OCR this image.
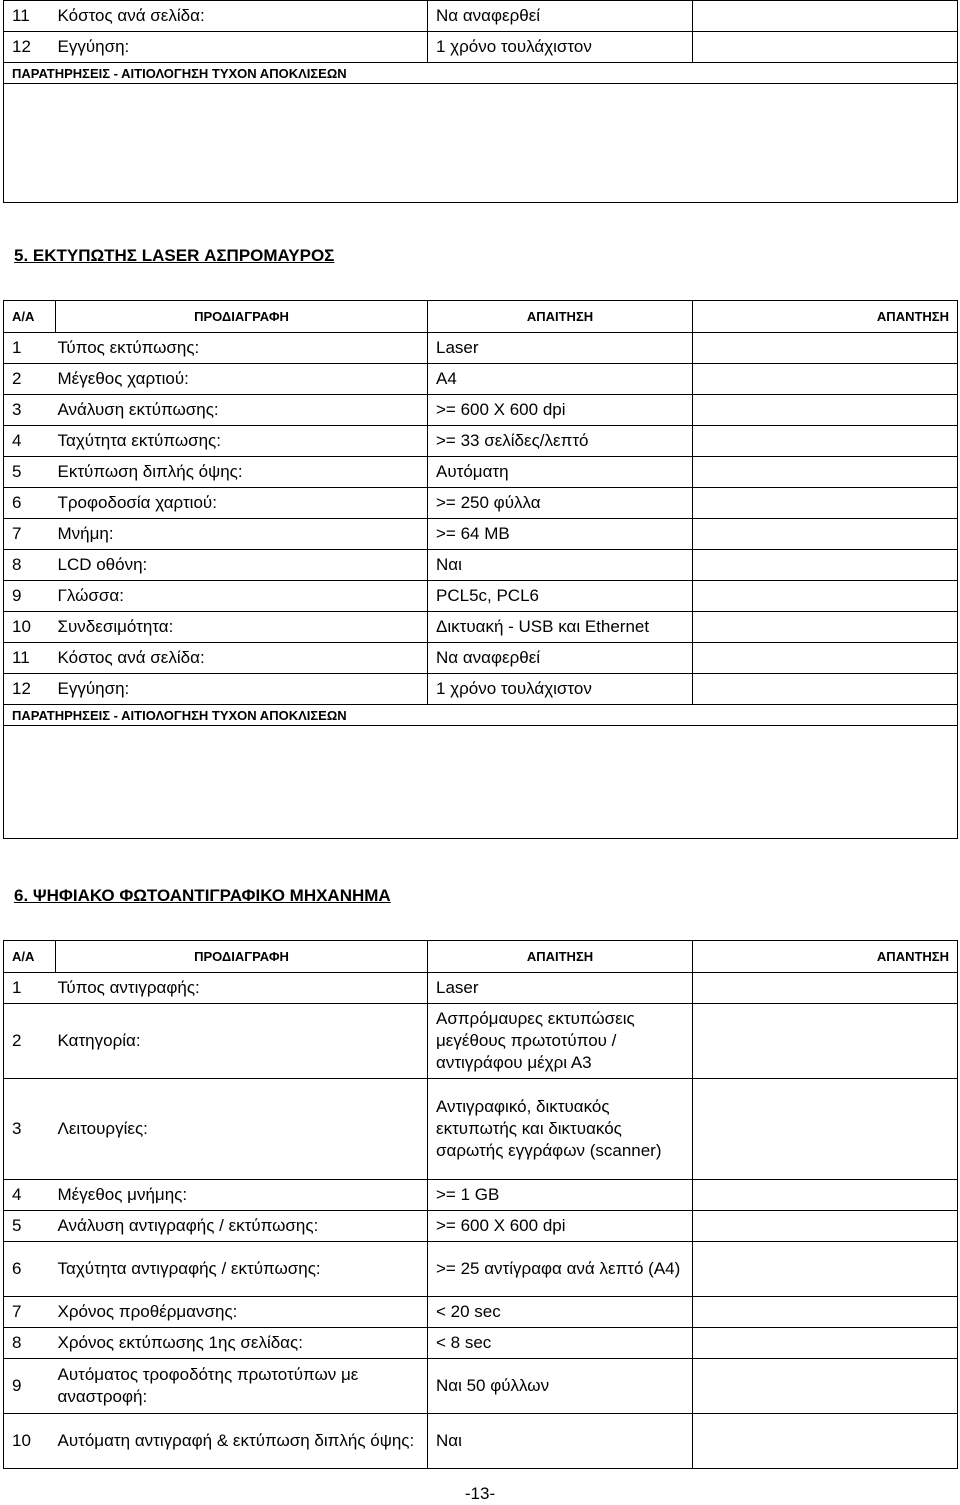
11	Κόστος ανά σελίδα:	Να αναφερθεί	
12	Εγγύηση:	1 χρόνο τουλάχιστον	
ΠΑΡΑΤΗΡΗΣΕΙΣ - ΑΙΤΙΟΛΟΓΗΣΗ ΤΥΧΟΝ ΑΠΟΚΛΙΣΕΩΝ			

5. ΕΚΤΥΠΩΤΗΣ LASER ΑΣΠΡΟΜΑΥΡΟΣ
Α/Α	ΠΡΟΔΙΑΓΡΑΦΗ	ΑΠΑΙΤΗΣΗ	ΑΠΑΝΤΗΣΗ
1	Τύπος εκτύπωσης:	Laser	
2	Μέγεθος χαρτιού:	A4	
3	Ανάλυση εκτύπωσης:	>= 600 X 600 dpi	
4	Ταχύτητα εκτύπωσης:	>= 33 σελίδες/λεπτό	
5	Εκτύπωση διπλής όψης:	Αυτόματη	
6	Τροφοδοσία χαρτιού:	>= 250 φύλλα	
7	Μνήμη:	>= 64 MB	
8	LCD οθόνη:	Ναι	
9	Γλώσσα:	PCL5c, PCL6	
10	Συνδεσιμότητα:	Δικτυακή - USB και Ethernet	
11	Κόστος ανά σελίδα:	Να αναφερθεί	
12	Εγγύηση:	1 χρόνο τουλάχιστον	
ΠΑΡΑΤΗΡΗΣΕΙΣ - ΑΙΤΙΟΛΟΓΗΣΗ ΤΥΧΟΝ ΑΠΟΚΛΙΣΕΩΝ			

6. ΨΗΦΙΑΚΟ ΦΩΤΟΑΝΤΙΓΡΑΦΙΚΟ ΜΗΧΑΝΗΜΑ
Α/Α	ΠΡΟΔΙΑΓΡΑΦΗ	ΑΠΑΙΤΗΣΗ	ΑΠΑΝΤΗΣΗ
1	Τύπος αντιγραφής:	Laser	
2	Κατηγορία:	Ασπρόμαυρες εκτυπώσεις μεγέθους πρωτοτύπου / αντιγράφου μέχρι Α3	
3	Λειτουργίες:	Αντιγραφικό, δικτυακός εκτυπωτής και δικτυακός σαρωτής εγγράφων (scanner)	
4	Μέγεθος μνήμης:	>= 1 GB	
5	Ανάλυση αντιγραφής / εκτύπωσης:	>= 600 X 600 dpi	
6	Ταχύτητα αντιγραφής / εκτύπωσης:	>= 25 αντίγραφα ανά λεπτό (A4)	
7	Χρόνος προθέρμανσης:	< 20 sec	
8	Χρόνος εκτύπωσης 1ης σελίδας:	< 8 sec	
9	Αυτόματος τροφοδότης πρωτοτύπων με αναστροφή:	Ναι 50 φύλλων	
10	Αυτόματη αντιγραφή & εκτύπωση διπλής όψης:	Ναι	
-13-
